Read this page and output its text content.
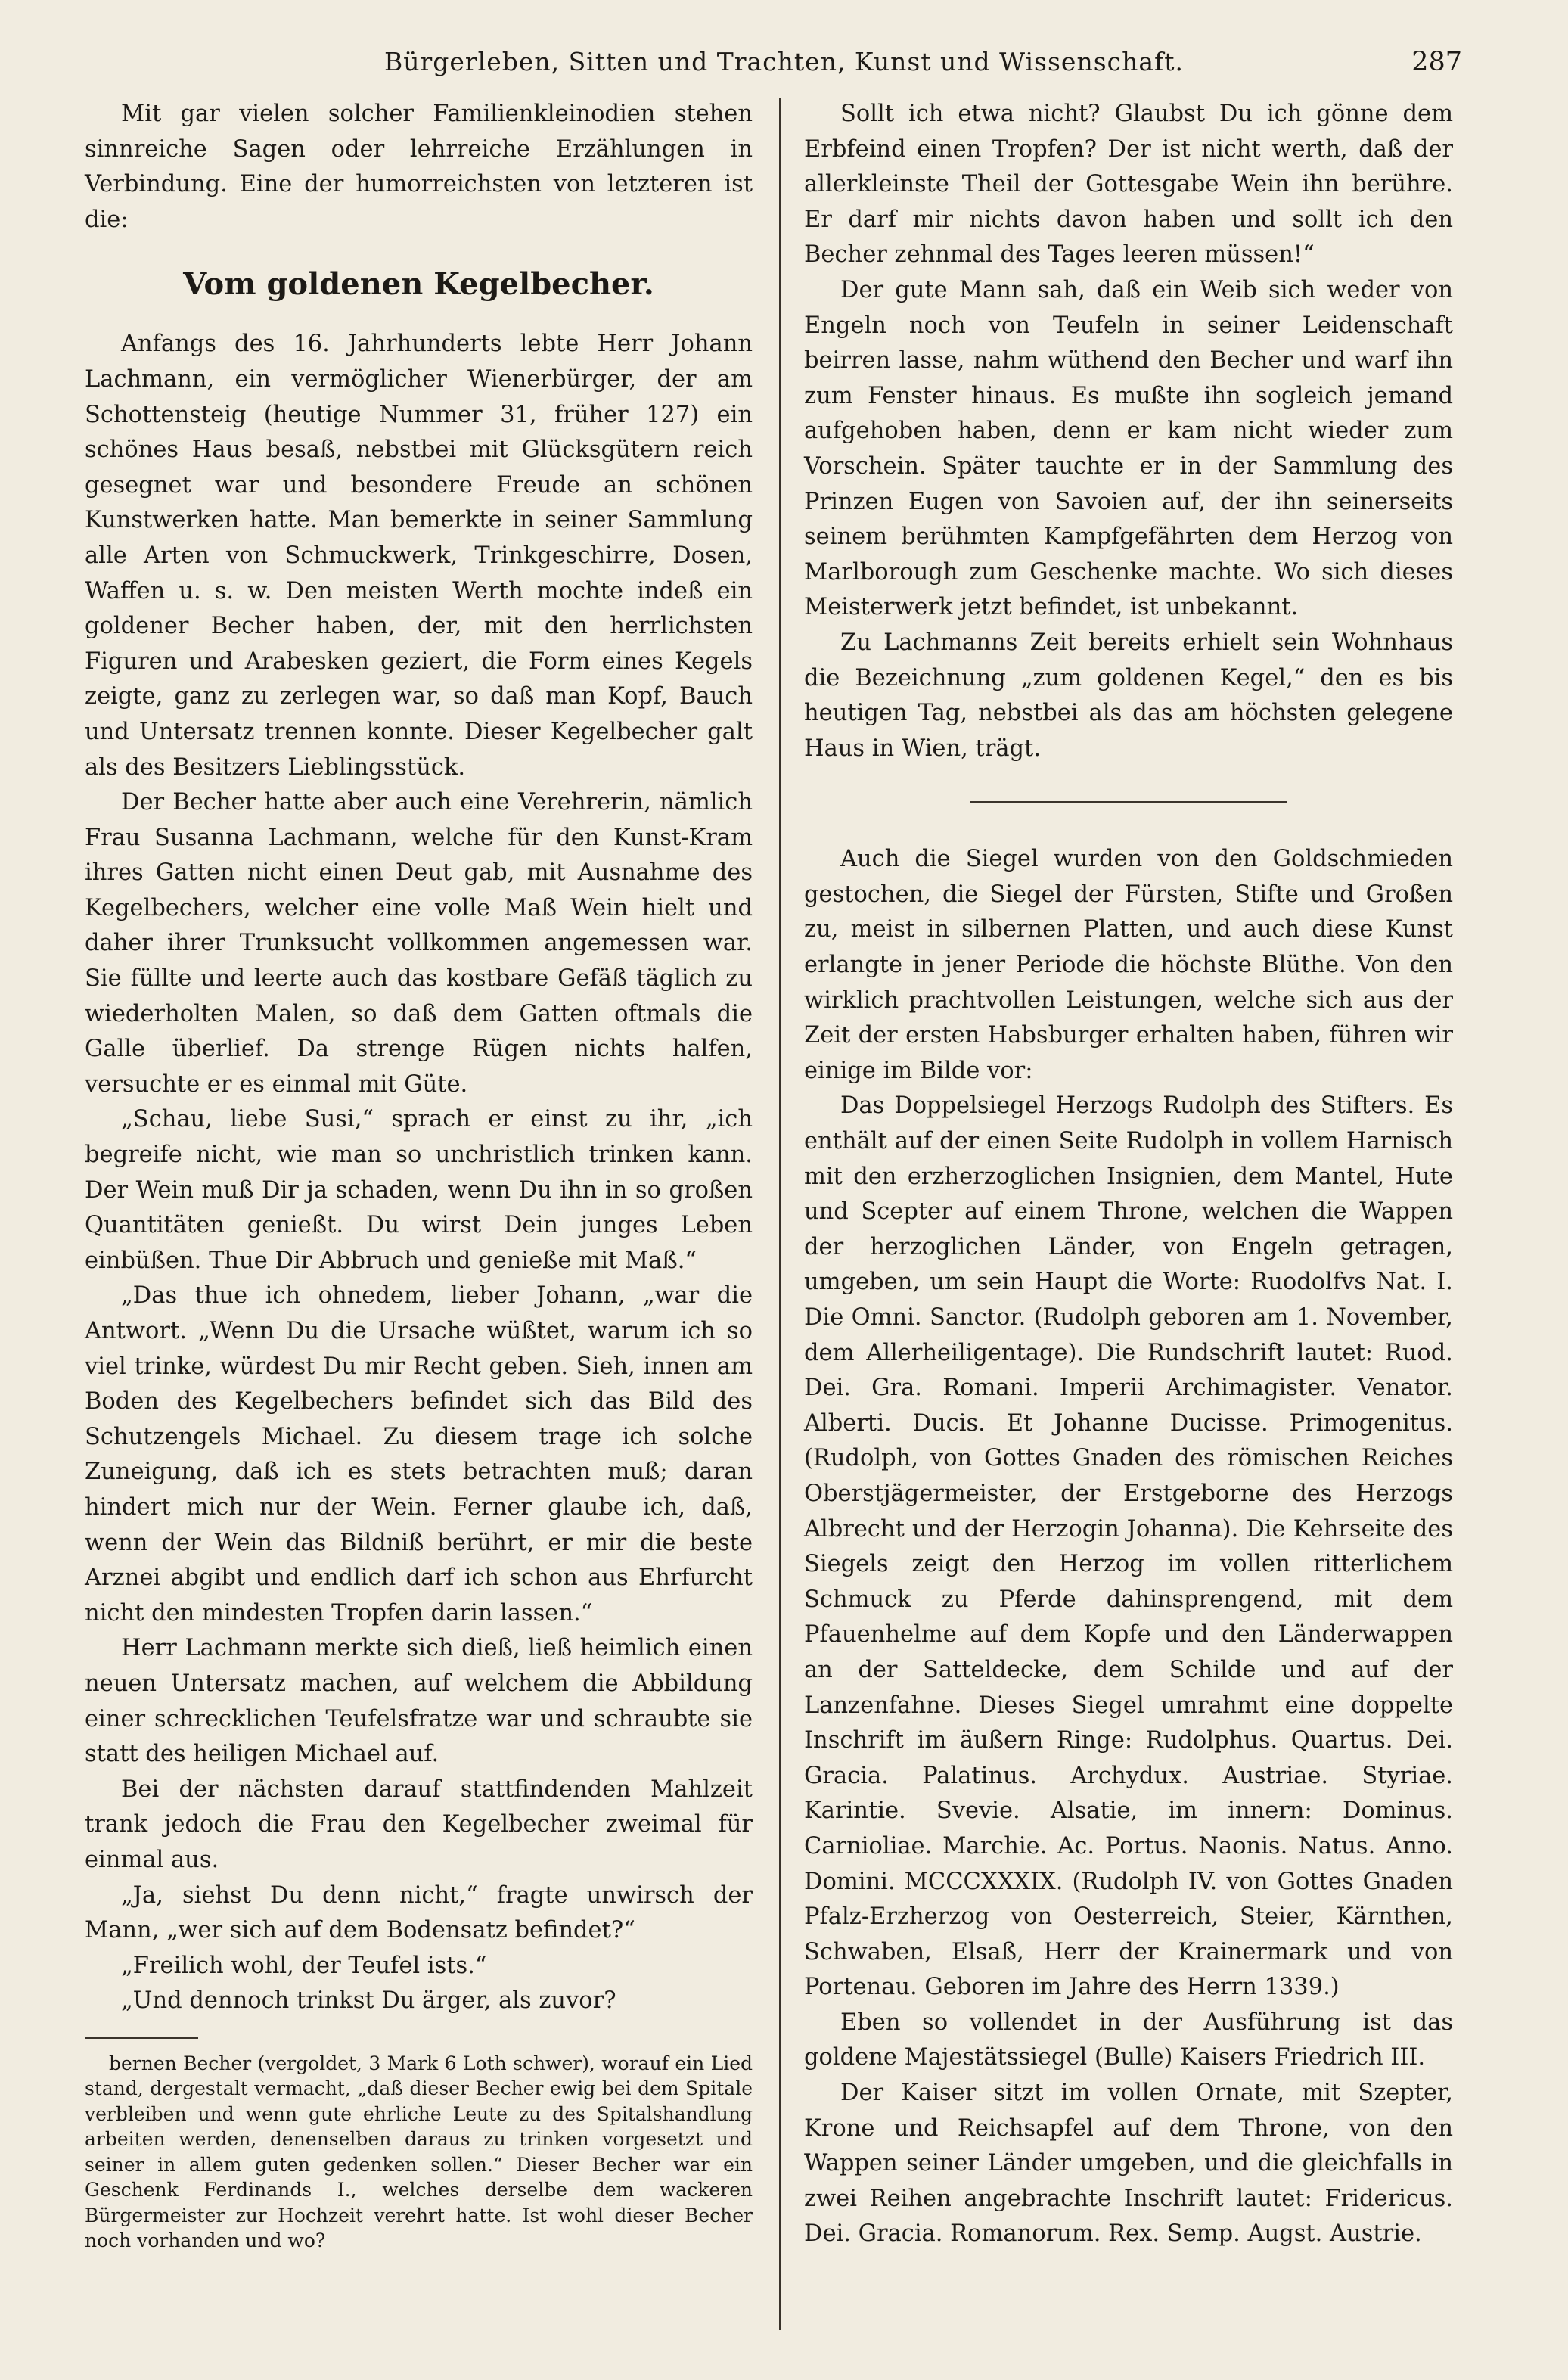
Bürgerleben, Sitten und Trachten, Kunst und Wissenschaft.	287

Mit gar vielen solcher Familienkleinodien stehen sinnreiche Sagen oder lehrreiche Erzählungen in Verbindung. Eine der humorreichsten von letzteren ist die:

Vom goldenen Kegelbecher.

Anfangs des 16. Jahrhunderts lebte Herr Johann Lachmann, ein vermöglicher Wienerbürger, der am Schottensteig (heutige Nummer 31, früher 127) ein schönes Haus besaß, nebstbei mit Glücksgütern reich gesegnet war und besondere Freude an schönen Kunstwerken hatte. Man bemerkte in seiner Sammlung alle Arten von Schmuckwerk, Trinkgeschirre, Dosen, Waffen u. s. w. Den meisten Werth mochte indeß ein goldener Becher haben, der, mit den herrlichsten Figuren und Arabesken geziert, die Form eines Kegels zeigte, ganz zu zerlegen war, so daß man Kopf, Bauch und Untersatz trennen konnte. Dieser Kegelbecher galt als des Besitzers Lieblingsstück.

Der Becher hatte aber auch eine Verehrerin, nämlich Frau Susanna Lachmann, welche für den Kunst-Kram ihres Gatten nicht einen Deut gab, mit Ausnahme des Kegelbechers, welcher eine volle Maß Wein hielt und daher ihrer Trunksucht vollkommen angemessen war. Sie füllte und leerte auch das kostbare Gefäß täglich zu wiederholten Malen, so daß dem Gatten oftmals die Galle überlief. Da strenge Rügen nichts halfen, versuchte er es einmal mit Güte.

„Schau, liebe Susi,“ sprach er einst zu ihr, „ich begreife nicht, wie man so unchristlich trinken kann. Der Wein muß Dir ja schaden, wenn Du ihn in so großen Quantitäten genießt. Du wirst Dein junges Leben einbüßen. Thue Dir Abbruch und genieße mit Maß.“

„Das thue ich ohnedem, lieber Johann, „war die Antwort. „Wenn Du die Ursache wüßtet, warum ich so viel trinke, würdest Du mir Recht geben. Sieh, innen am Boden des Kegelbechers befindet sich das Bild des Schutzengels Michael. Zu diesem trage ich solche Zuneigung, daß ich es stets betrachten muß; daran hindert mich nur der Wein. Ferner glaube ich, daß, wenn der Wein das Bildniß berührt, er mir die beste Arznei abgibt und endlich darf ich schon aus Ehrfurcht nicht den mindesten Tropfen darin lassen.“

Herr Lachmann merkte sich dieß, ließ heimlich einen neuen Untersatz machen, auf welchem die Abbildung einer schrecklichen Teufelsfratze war und schraubte sie statt des heiligen Michael auf.

Bei der nächsten darauf stattfindenden Mahlzeit trank jedoch die Frau den Kegelbecher zweimal für einmal aus.

„Ja, siehst Du denn nicht,“ fragte unwirsch der Mann, „wer sich auf dem Bodensatz befindet?“

„Freilich wohl, der Teufel ists.“

„Und dennoch trinkst Du ärger, als zuvor?

bernen Becher (vergoldet, 3 Mark 6 Loth schwer), worauf ein Lied stand, dergestalt vermacht, „daß dieser Becher ewig bei dem Spitale verbleiben und wenn gute ehrliche Leute zu des Spitalshandlung arbeiten werden, denenselben daraus zu trinken vorgesetzt und seiner in allem guten gedenken sollen.“ Dieser Becher war ein Geschenk Ferdinands I., welches derselbe dem wackeren Bürgermeister zur Hochzeit verehrt hatte. Ist wohl dieser Becher noch vorhanden und wo?

Sollt ich etwa nicht? Glaubst Du ich gönne dem Erbfeind einen Tropfen? Der ist nicht werth, daß der allerkleinste Theil der Gottesgabe Wein ihn berühre. Er darf mir nichts davon haben und sollt ich den Becher zehnmal des Tages leeren müssen!“

Der gute Mann sah, daß ein Weib sich weder von Engeln noch von Teufeln in seiner Leidenschaft beirren lasse, nahm wüthend den Becher und warf ihn zum Fenster hinaus. Es mußte ihn sogleich jemand aufgehoben haben, denn er kam nicht wieder zum Vorschein. Später tauchte er in der Sammlung des Prinzen Eugen von Savoien auf, der ihn seinerseits seinem berühmten Kampfgefährten dem Herzog von Marlborough zum Geschenke machte. Wo sich dieses Meisterwerk jetzt befindet, ist unbekannt.

Zu Lachmanns Zeit bereits erhielt sein Wohnhaus die Bezeichnung „zum goldenen Kegel,“ den es bis heutigen Tag, nebstbei als das am höchsten gelegene Haus in Wien, trägt.

Auch die Siegel wurden von den Goldschmieden gestochen, die Siegel der Fürsten, Stifte und Großen zu, meist in silbernen Platten, und auch diese Kunst erlangte in jener Periode die höchste Blüthe. Von den wirklich prachtvollen Leistungen, welche sich aus der Zeit der ersten Habsburger erhalten haben, führen wir einige im Bilde vor:

Das Doppelsiegel Herzogs Rudolph des Stifters. Es enthält auf der einen Seite Rudolph in vollem Harnisch mit den erzherzoglichen Insignien, dem Mantel, Hute und Scepter auf einem Throne, welchen die Wappen der herzoglichen Länder, von Engeln getragen, umgeben, um sein Haupt die Worte: Ruodolfvs Nat. I. Die Omni. Sanctor. (Rudolph geboren am 1. November, dem Allerheiligentage). Die Rundschrift lautet: Ruod. Dei. Gra. Romani. Imperii Archimagister. Venator. Alberti. Ducis. Et Johanne Ducisse. Primogenitus. (Rudolph, von Gottes Gnaden des römischen Reiches Oberstjägermeister, der Erstgeborne des Herzogs Albrecht und der Herzogin Johanna). Die Kehrseite des Siegels zeigt den Herzog im vollen ritterlichem Schmuck zu Pferde dahinsprengend, mit dem Pfauenhelme auf dem Kopfe und den Länderwappen an der Satteldecke, dem Schilde und auf der Lanzenfahne. Dieses Siegel umrahmt eine doppelte Inschrift im äußern Ringe: Rudolphus. Quartus. Dei. Gracia. Palatinus. Archydux. Austriae. Styriae. Karintie. Svevie. Alsatie, im innern: Dominus. Carnioliae. Marchie. Ac. Portus. Naonis. Natus. Anno. Domini. MCCCXXXIX. (Rudolph IV. von Gottes Gnaden Pfalz-Erzherzog von Oesterreich, Steier, Kärnthen, Schwaben, Elsaß, Herr der Krainermark und von Portenau. Geboren im Jahre des Herrn 1339.)

Eben so vollendet in der Ausführung ist das goldene Majestätssiegel (Bulle) Kaisers Friedrich III.

Der Kaiser sitzt im vollen Ornate, mit Szepter, Krone und Reichsapfel auf dem Throne, von den Wappen seiner Länder umgeben, und die gleichfalls in zwei Reihen angebrachte Inschrift lautet: Fridericus. Dei. Gracia. Romanorum. Rex. Semp. Augst. Austrie.
